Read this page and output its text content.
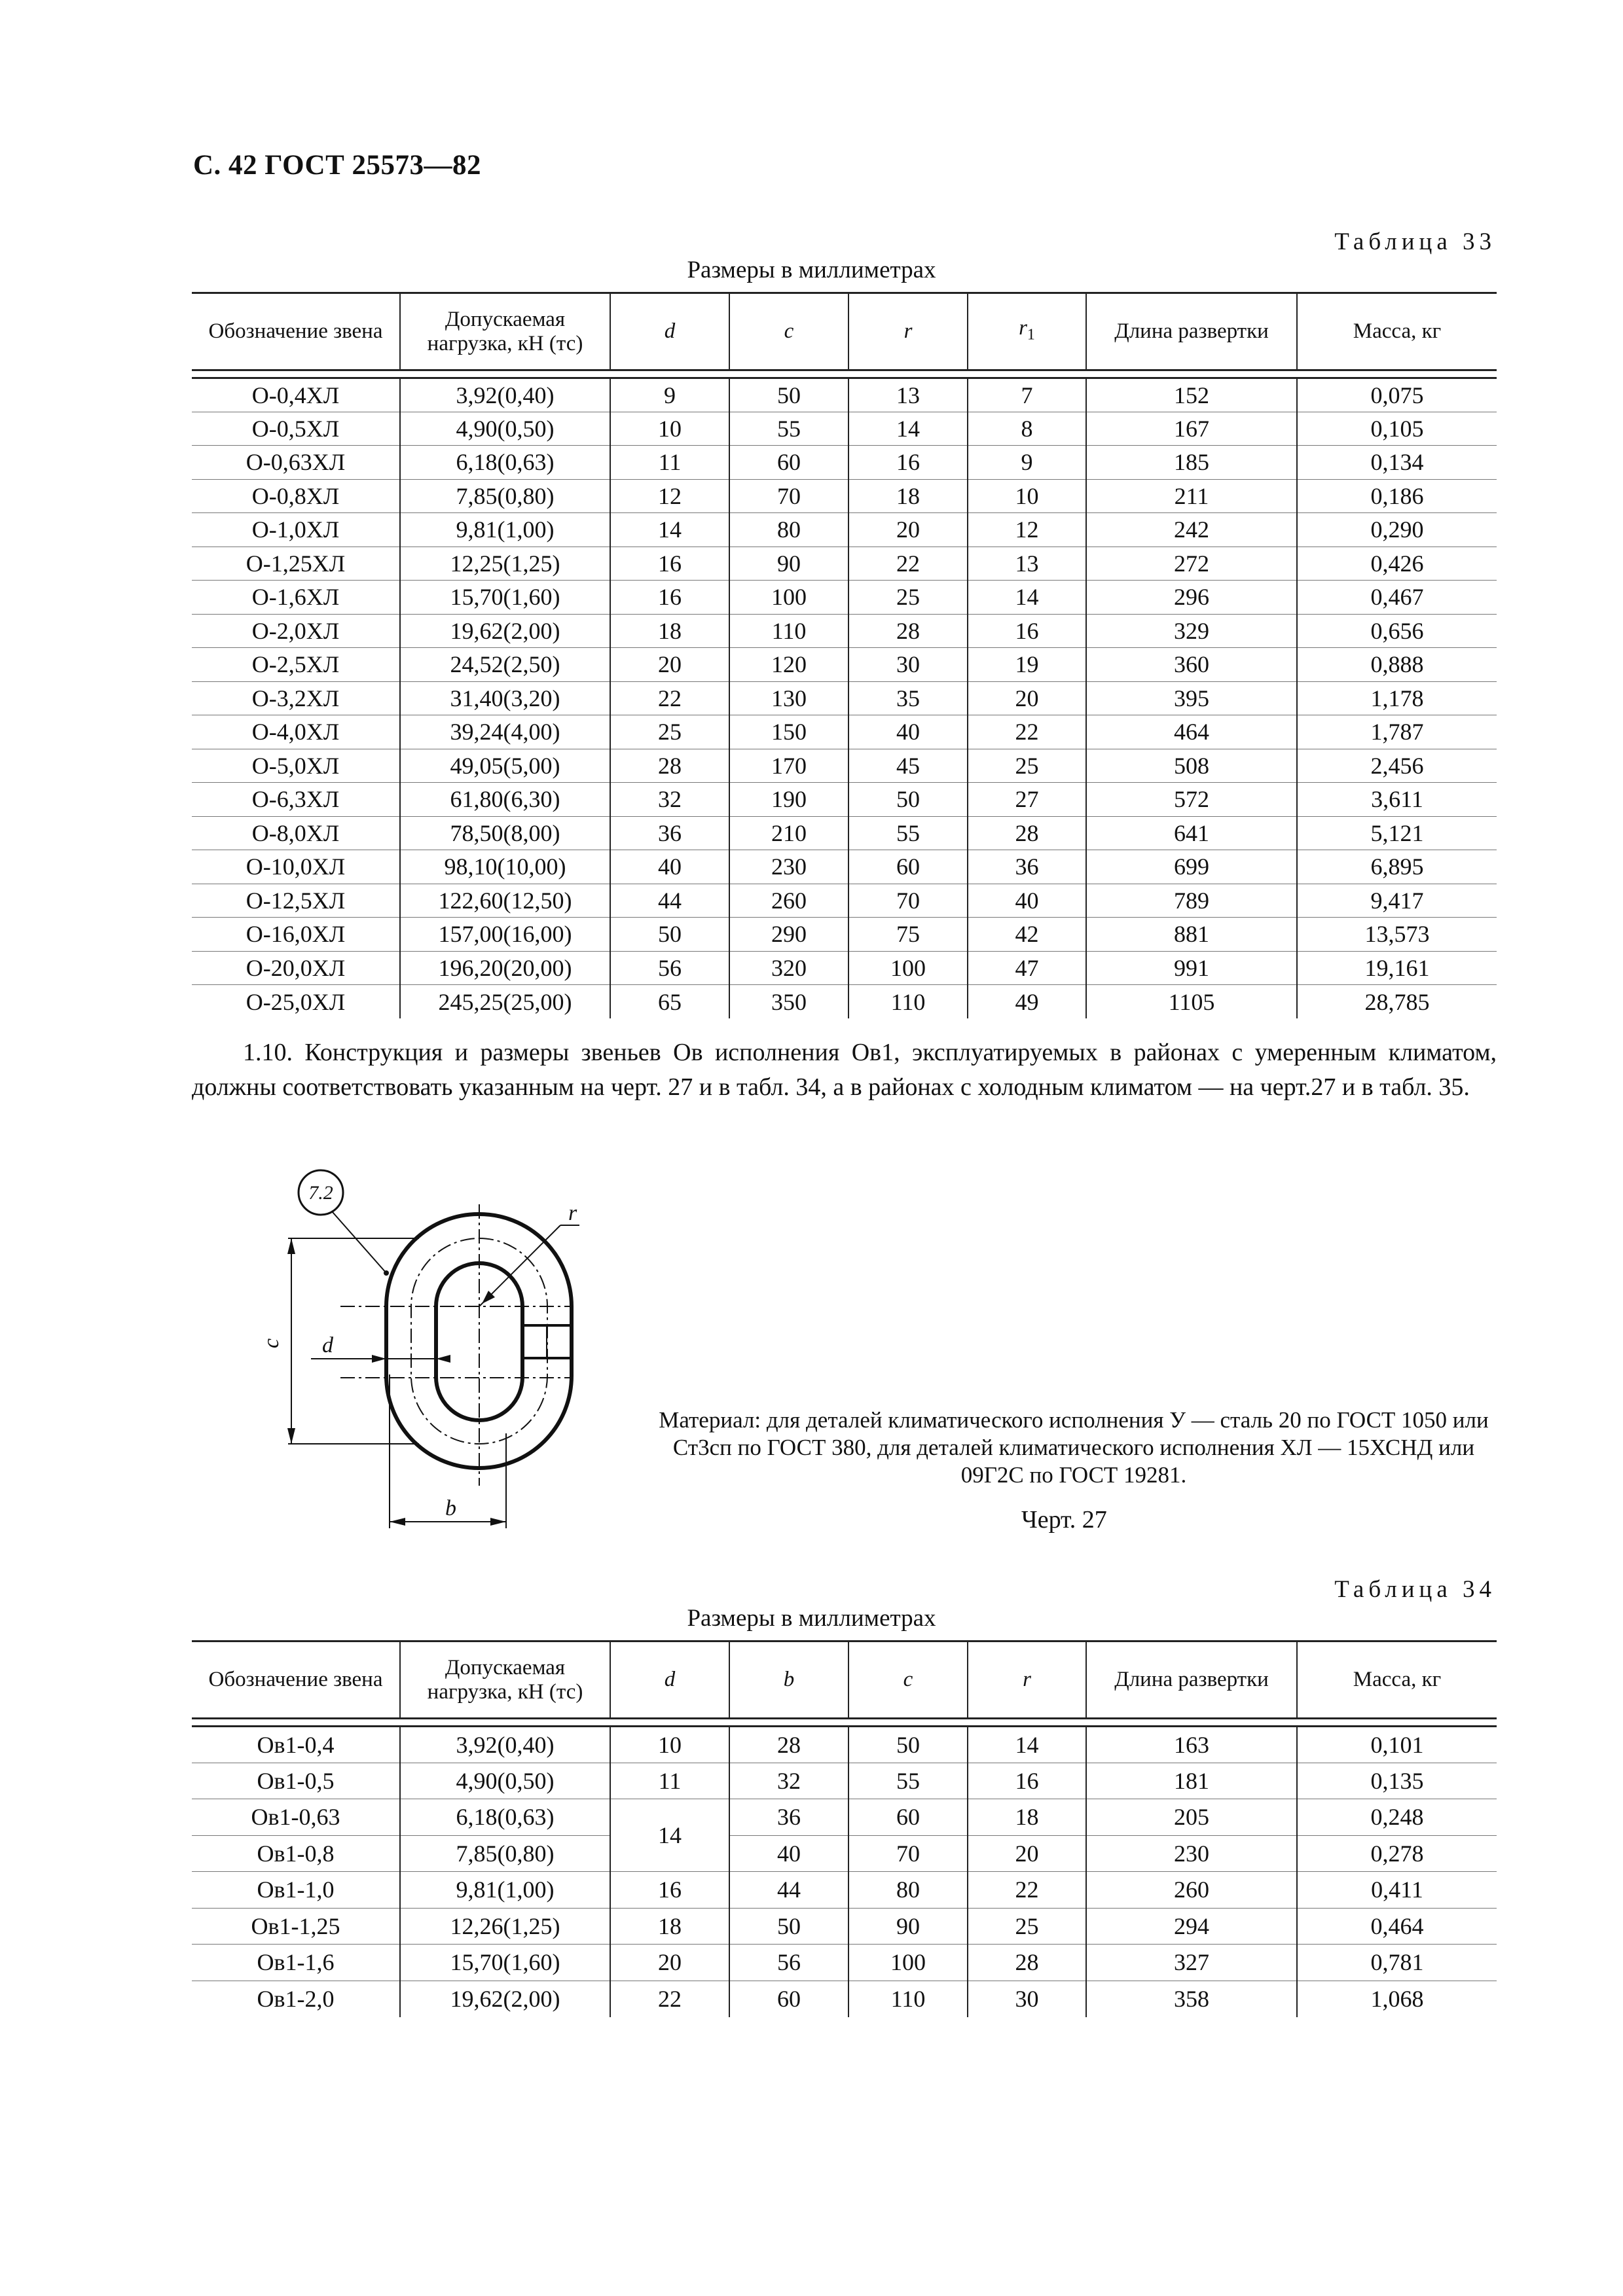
С. 42 ГОСТ 25573—82
Таблица 33
Размеры в миллиметрах
Обозначение звена	Допускаемая нагрузка, кН (тс)	d	c	r	$r_1$	Длина развертки	Масса, кг

О-0,4ХЛ	3,92(0,40)	9	50	13	7	152	0,075
О-0,5ХЛ	4,90(0,50)	10	55	14	8	167	0,105
О-0,63ХЛ	6,18(0,63)	11	60	16	9	185	0,134
О-0,8ХЛ	7,85(0,80)	12	70	18	10	211	0,186
О-1,0ХЛ	9,81(1,00)	14	80	20	12	242	0,290
О-1,25ХЛ	12,25(1,25)	16	90	22	13	272	0,426
О-1,6ХЛ	15,70(1,60)	16	100	25	14	296	0,467
О-2,0ХЛ	19,62(2,00)	18	110	28	16	329	0,656
О-2,5ХЛ	24,52(2,50)	20	120	30	19	360	0,888
О-3,2ХЛ	31,40(3,20)	22	130	35	20	395	1,178
О-4,0ХЛ	39,24(4,00)	25	150	40	22	464	1,787
О-5,0ХЛ	49,05(5,00)	28	170	45	25	508	2,456
О-6,3ХЛ	61,80(6,30)	32	190	50	27	572	3,611
О-8,0ХЛ	78,50(8,00)	36	210	55	28	641	5,121
О-10,0ХЛ	98,10(10,00)	40	230	60	36	699	6,895
О-12,5ХЛ	122,60(12,50)	44	260	70	40	789	9,417
О-16,0ХЛ	157,00(16,00)	50	290	75	42	881	13,573
О-20,0ХЛ	196,20(20,00)	56	320	100	47	991	19,161
О-25,0ХЛ	245,25(25,00)	65	350	110	49	1105	28,785
1.10. Конструкция и размеры звеньев Ов исполнения Ов1, эксплуатируемых в районах с умеренным климатом, должны соответствовать указанным на черт. 27 и в табл. 34, а в районах с холодным климатом — на черт.27 и в табл. 35.
7.2
r
c d
b
Материал: для деталей климатического исполнения У — сталь 20 по ГОСТ 1050 или Ст3сп по ГОСТ 380, для деталей климатического исполнения ХЛ — 15ХСНД или 09Г2С по ГОСТ 19281.
Черт. 27
Таблица 34
Размеры в миллиметрах
Обозначение звена	Допускаемая нагрузка, кН (тс)	d	b	c	r	Длина развертки	Масса, кг

Ов1-0,4	3,92(0,40)	10	28	50	14	163	0,101
Ов1-0,5	4,90(0,50)	11	32	55	16	181	0,135
Ов1-0,63	6,18(0,63)	14	36	60	18	205	0,248
Ов1-0,8	7,85(0,80)		40	70	20	230	0,278
Ов1-1,0	9,81(1,00)	16	44	80	22	260	0,411
Ов1-1,25	12,26(1,25)	18	50	90	25	294	0,464
Ов1-1,6	15,70(1,60)	20	56	100	28	327	0,781
Ов1-2,0	19,62(2,00)	22	60	110	30	358	1,068
